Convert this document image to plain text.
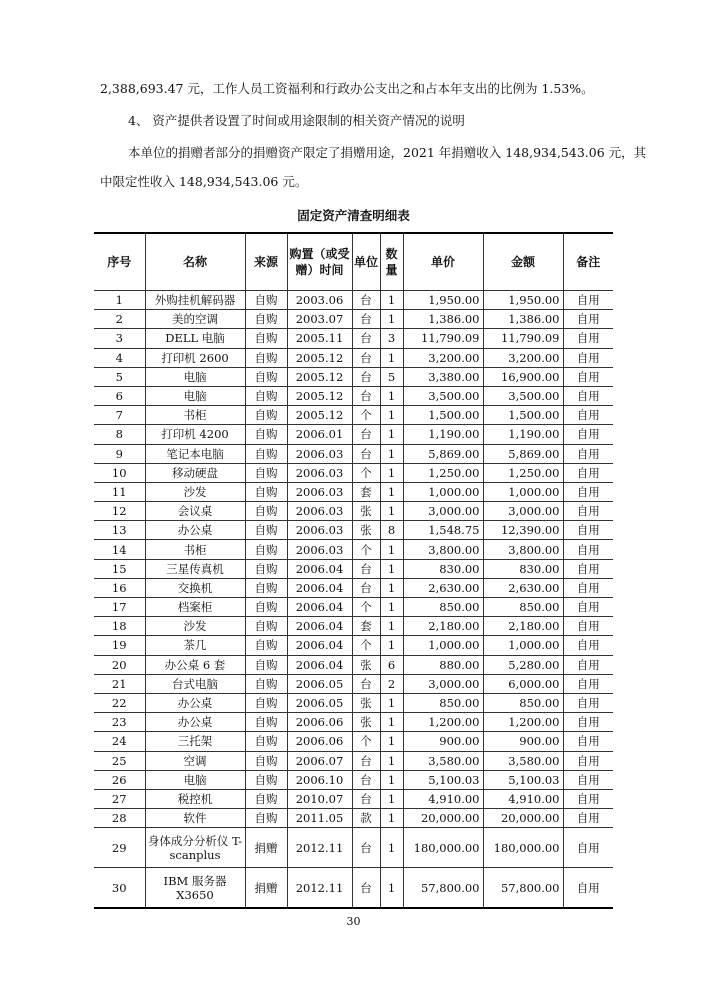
2,388,693.47 元，工作人员工资福利和行政办公支出之和占本年支出的比例为 1.53%。
4、 资产提供者设置了时间或用途限制的相关资产情况的说明
本单位的捐赠者部分的捐赠资产限定了捐赠用途，2021 年捐赠收入 148,934,543.06 元，其
中限定性收入 148,934,543.06 元。
固定资产清查明细表
序号	名称	来源	购置（或受赠）时间	单位	数量	单价	金额	备注
1	外购挂机解码器	自购	2003.06	台	1	1,950.00	1,950.00	自用
2	美的空调	自购	2003.07	台	1	1,386.00	1,386.00	自用
3	DELL 电脑	自购	2005.11	台	3	11,790.09	11,790.09	自用
4	打印机 2600	自购	2005.12	台	1	3,200.00	3,200.00	自用
5	电脑	自购	2005.12	台	5	3,380.00	16,900.00	自用
6	电脑	自购	2005.12	台	1	3,500.00	3,500.00	自用
7	书柜	自购	2005.12	个	1	1,500.00	1,500.00	自用
8	打印机 4200	自购	2006.01	台	1	1,190.00	1,190.00	自用
9	笔记本电脑	自购	2006.03	台	1	5,869.00	5,869.00	自用
10	移动硬盘	自购	2006.03	个	1	1,250.00	1,250.00	自用
11	沙发	自购	2006.03	套	1	1,000.00	1,000.00	自用
12	会议桌	自购	2006.03	张	1	3,000.00	3,000.00	自用
13	办公桌	自购	2006.03	张	8	1,548.75	12,390.00	自用
14	书柜	自购	2006.03	个	1	3,800.00	3,800.00	自用
15	三星传真机	自购	2006.04	台	1	830.00	830.00	自用
16	交换机	自购	2006.04	台	1	2,630.00	2,630.00	自用
17	档案柜	自购	2006.04	个	1	850.00	850.00	自用
18	沙发	自购	2006.04	套	1	2,180.00	2,180.00	自用
19	茶几	自购	2006.04	个	1	1,000.00	1,000.00	自用
20	办公桌 6 套	自购	2006.04	张	6	880.00	5,280.00	自用
21	台式电脑	自购	2006.05	台	2	3,000.00	6,000.00	自用
22	办公桌	自购	2006.05	张	1	850.00	850.00	自用
23	办公桌	自购	2006.06	张	1	1,200.00	1,200.00	自用
24	三托架	自购	2006.06	个	1	900.00	900.00	自用
25	空调	自购	2006.07	台	1	3,580.00	3,580.00	自用
26	电脑	自购	2006.10	台	1	5,100.03	5,100.03	自用
27	税控机	自购	2010.07	台	1	4,910.00	4,910.00	自用
28	软件	自购	2011.05	款	1	20,000.00	20,000.00	自用
29	身体成分分析仪 T-scanplus	捐赠	2012.11	台	1	180,000.00	180,000.00	自用
30	IBM 服务器 X3650	捐赠	2012.11	台	1	57,800.00	57,800.00	自用
30
